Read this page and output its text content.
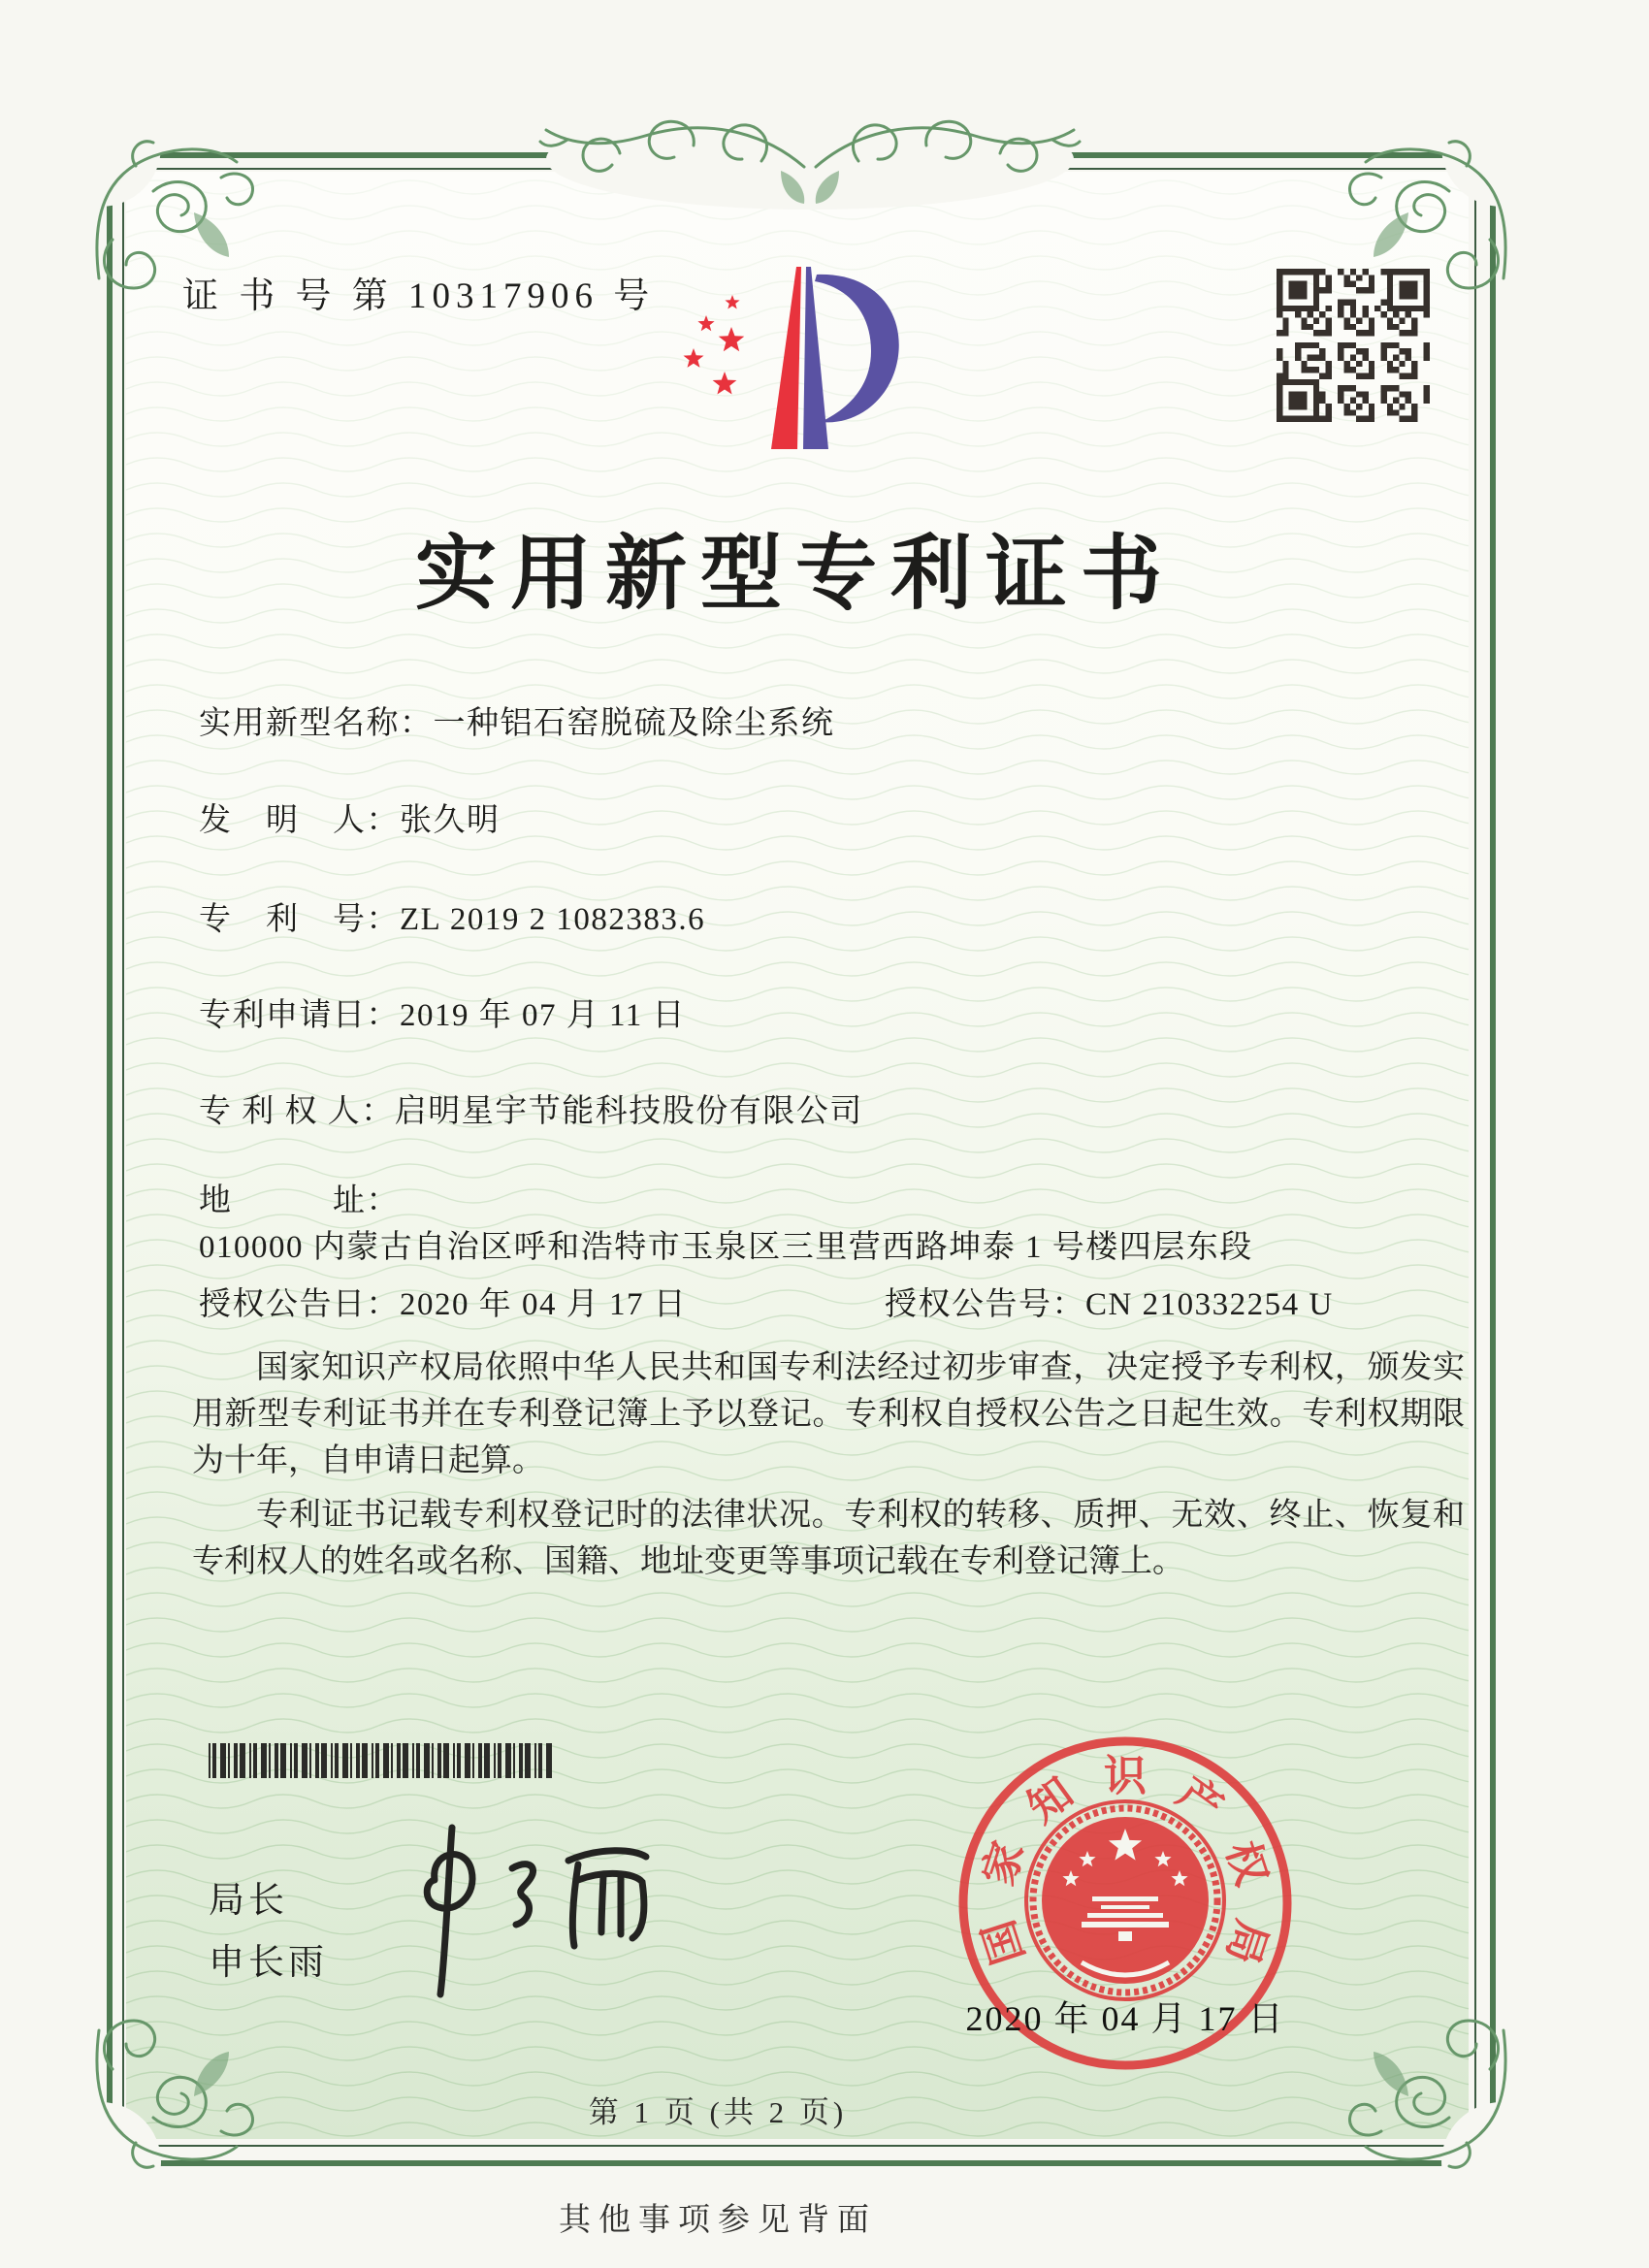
证 书 号 第 10317906 号
实用新型专利证书
实用新型名称：一种铝石窑脱硫及除尘系统
发　明　人：张久明
专　利　号：ZL 2019 2 1082383.6
专利申请日：2019 年 07 月 11 日
专 利 权 人：启明星宇节能科技股份有限公司
地　　　址：010000 内蒙古自治区呼和浩特市玉泉区三里营西路坤泰 1 号楼四层东段
授权公告日：2020 年 04 月 17 日	授权公告号：CN 210332254 U
国家知识产权局依照中华人民共和国专利法经过初步审查，决定授予专利权，颁发实用新型专利证书并在专利登记簿上予以登记。专利权自授权公告之日起生效。专利权期限为十年，自申请日起算。
专利证书记载专利权登记时的法律状况。专利权的转移、质押、无效、终止、恢复和专利权人的姓名或名称、国籍、地址变更等事项记载在专利登记簿上。
局长
申长雨	国
家
知 识 产
权
局
2020 年 04 月 17 日
第 1 页 (共 2 页)
其他事项参见背面
